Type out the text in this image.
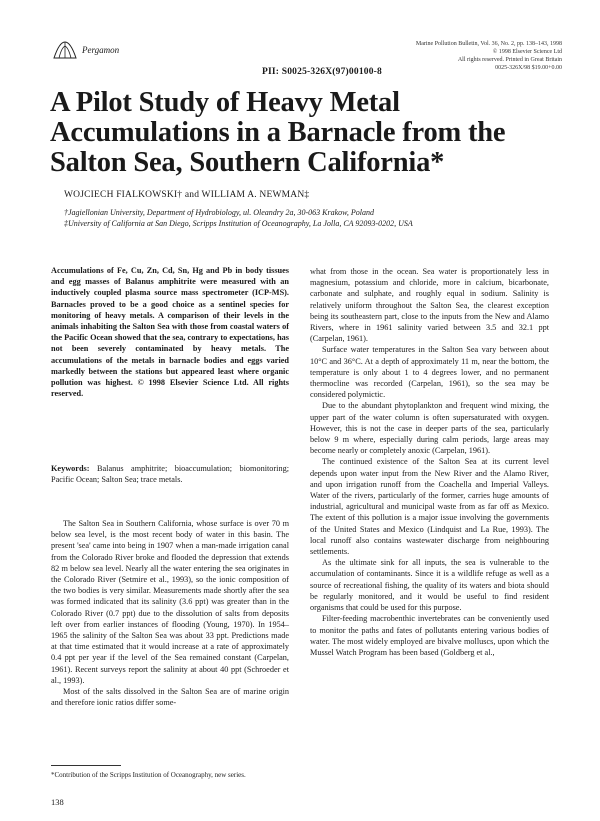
Pergamon
Marine Pollution Bulletin, Vol. 36, No. 2, pp. 138–143, 1998
© 1998 Elsevier Science Ltd
All rights reserved. Printed in Great Britain
0025-326X/98 $19.00+0.00
PII: S0025-326X(97)00100-8
A Pilot Study of Heavy Metal Accumulations in a Barnacle from the Salton Sea, Southern California*
WOJCIECH FIALKOWSKI† and WILLIAM A. NEWMAN‡
†Jagiellonian University, Department of Hydrobiology, ul. Oleandry 2a, 30-063 Krakow, Poland
‡University of California at San Diego, Scripps Institution of Oceanography, La Jolla, CA 92093-0202, USA
Accumulations of Fe, Cu, Zn, Cd, Sn, Hg and Pb in body tissues and egg masses of Balanus amphitrite were measured with an inductively coupled plasma source mass spectrometer (ICP-MS). Barnacles proved to be a good choice as a sentinel species for monitoring of heavy metals. A comparison of their levels in the animals inhabiting the Salton Sea with those from coastal waters of the Pacific Ocean showed that the sea, contrary to expectations, has not been severely contaminated by heavy metals. The accumulations of the metals in barnacle bodies and eggs varied markedly between the stations but appeared least where organic pollution was highest. © 1998 Elsevier Science Ltd. All rights reserved.
Keywords: Balanus amphitrite; bioaccumulation; biomonitoring; Pacific Ocean; Salton Sea; trace metals.

The Salton Sea in Southern California, whose surface is over 70 m below sea level, is the most recent body of water in this basin. The present 'sea' came into being in 1907 when a man-made irrigation canal from the Colorado River broke and flooded the depression that extends 82 m below sea level. Nearly all the water entering the sea originates in the Colorado River (Setmire et al., 1993), so the ionic composition of the two bodies is very similar. Measurements made shortly after the sea was formed indicated that its salinity (3.6 ppt) was greater than in the Colorado River (0.7 ppt) due to the dissolution of salts from deposits left over from earlier instances of flooding (Young, 1970). In 1954–1965 the salinity of the Salton Sea was about 33 ppt. Predictions made at that time estimated that it would increase at a rate of approximately 0.4 ppt per year if the level of the Sea remained constant (Carpelan, 1961). Recent surveys report the salinity at about 40 ppt (Schroeder et al., 1993).

Most of the salts dissolved in the Salton Sea are of marine origin and therefore ionic ratios differ some-

*Contribution of the Scripps Institution of Oceanography, new series.
138

what from those in the ocean. Sea water is proportionately less in magnesium, potassium and chloride, more in calcium, bicarbonate, carbonate and sulphate, and roughly equal in sodium. Salinity is relatively uniform throughout the Salton Sea, the clearest exception being its southeastern part, close to the inputs from the New and Alamo Rivers, where in 1961 salinity varied between 3.5 and 32.1 ppt (Carpelan, 1961).

Surface water temperatures in the Salton Sea vary between about 10°C and 36°C. At a depth of approximately 11 m, near the bottom, the temperature is only about 1 to 4 degrees lower, and no permanent thermocline was recorded (Carpelan, 1961), so the sea may be considered polymictic.

Due to the abundant phytoplankton and frequent wind mixing, the upper part of the water column is often supersaturated with oxygen. However, this is not the case in deeper parts of the sea, particularly below 9 m where, especially during calm periods, large areas may become nearly or completely anoxic (Carpelan, 1961).

The continued existence of the Salton Sea at its current level depends upon water input from the New River and the Alamo River, and upon irrigation runoff from the Coachella and Imperial Valleys. Water of the rivers, particularly of the former, carries huge amounts of industrial, agricultural and municipal waste from as far off as Mexico. The extent of this pollution is a major issue involving the governments of the United States and Mexico (Lindquist and La Rue, 1993). The local runoff also contains wastewater discharge from neighbouring settlements.

As the ultimate sink for all inputs, the sea is vulnerable to the accumulation of contaminants. Since it is a wildlife refuge as well as a source of recreational fishing, the quality of its waters and biota should be regularly monitored, and it would be useful to find resident organisms that could be used for this purpose.

Filter-feeding macrobenthic invertebrates can be conveniently used to monitor the paths and fates of pollutants entering various bodies of water. The most widely employed are bivalve molluscs, upon which the Mussel Watch Program has been based (Goldberg et al.,
